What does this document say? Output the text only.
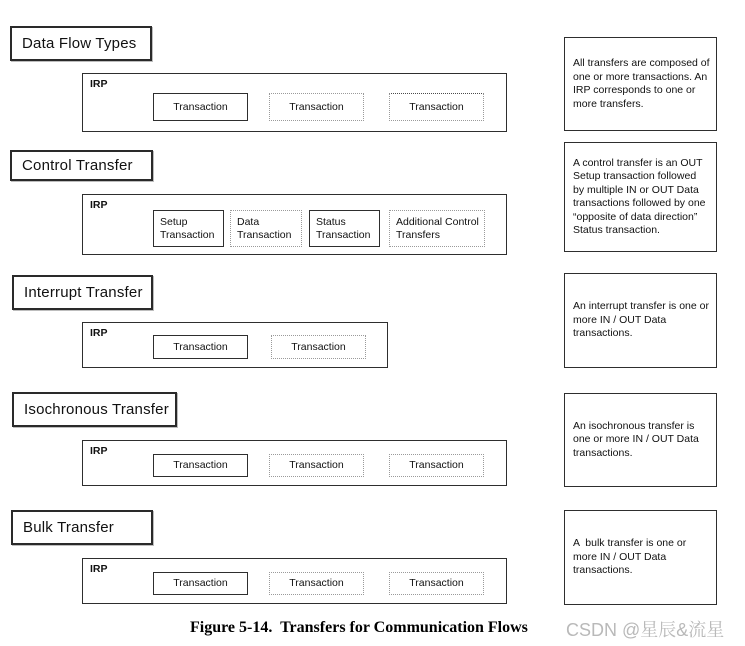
Data Flow Types
IRP
Transaction	Transaction	Transaction
All transfers are composed of one or more transactions. An IRP corresponds to one or more transfers.
Control Transfer
IRP
Setup Transaction
Data Transaction
Status Transaction
Additional Control Transfers
A control transfer is an OUT Setup transaction followed by multiple IN or OUT Data transactions followed by one “opposite of data direction” Status transaction.
Interrupt Transfer
IRP
Transaction	Transaction
An interrupt transfer is one or more IN / OUT Data transactions.
Isochronous Transfer
IRP
Transaction	Transaction	Transaction
An isochronous transfer is one or more IN / OUT Data transactions.
Bulk Transfer
IRP
Transaction	Transaction	Transaction
A  bulk transfer is one or more IN / OUT Data transactions.
Figure 5-14.  Transfers for Communication Flows CSDN @星辰&流星
